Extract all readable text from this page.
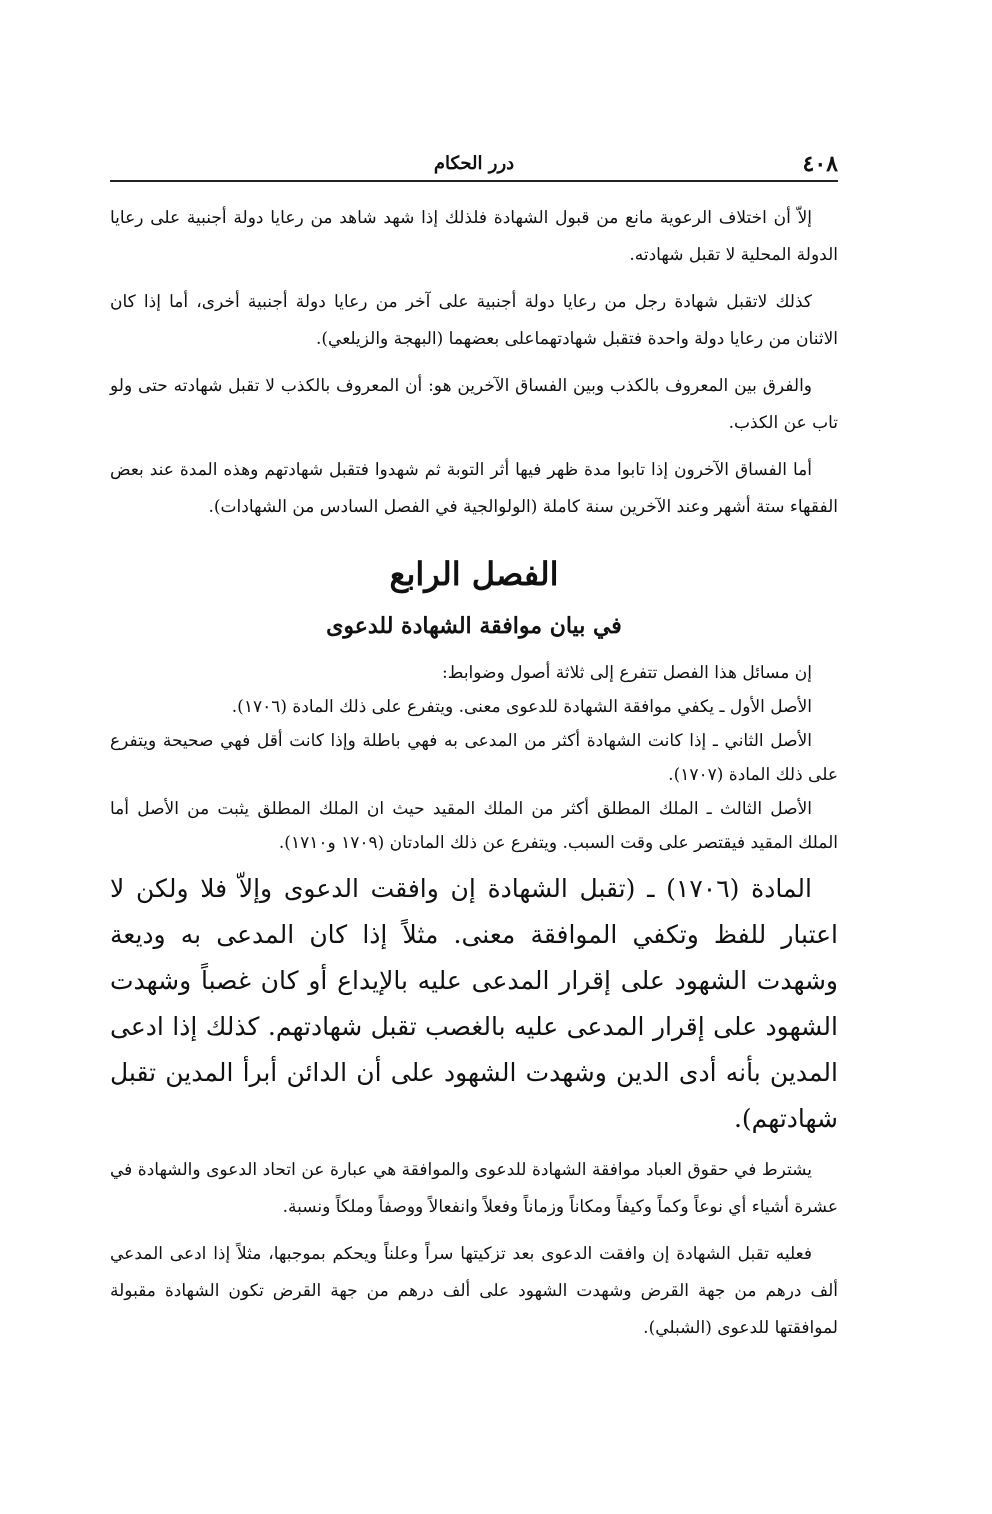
٤٠٨
درر الحكام

إلاّ أن اختلاف الرعوية مانع من قبول الشهادة فلذلك إذا شهد شاهد من رعايا دولة أجنبية على رعايا الدولة المحلية لا تقبل شهادته.

كذلك لاتقبل شهادة رجل من رعايا دولة أجنبية على آخر من رعايا دولة أجنبية أخرى، أما إذا كان الاثنان من رعايا دولة واحدة فتقبل شهادتهماعلى بعضهما (البهجة والزيلعي).

والفرق بين المعروف بالكذب وبين الفساق الآخرين هو: أن المعروف بالكذب لا تقبل شهادته حتى ولو تاب عن الكذب.

أما الفساق الآخرون إذا تابوا مدة ظهر فيها أثر التوبة ثم شهدوا فتقبل شهادتهم وهذه المدة عند بعض الفقهاء ستة أشهر وعند الآخرين سنة كاملة (الولوالجية في الفصل السادس من الشهادات).

الفصل الرابع
في بيان موافقة الشهادة للدعوى

إن مسائل هذا الفصل تتفرع إلى ثلاثة أصول وضوابط:

الأصل الأول ـ يكفي موافقة الشهادة للدعوى معنى. ويتفرع على ذلك المادة (١٧٠٦).

الأصل الثاني ـ إذا كانت الشهادة أكثر من المدعى به فهي باطلة وإذا كانت أقل فهي صحيحة ويتفرع على ذلك المادة (١٧٠٧).

الأصل الثالث ـ الملك المطلق أكثر من الملك المقيد حيث ان الملك المطلق يثبت من الأصل أما الملك المقيد فيقتصر على وقت السبب. ويتفرع عن ذلك المادتان (١٧٠٩ و١٧١٠).

المادة (١٧٠٦) ـ (تقبل الشهادة إن وافقت الدعوى وإلاّ فلا ولكن لا اعتبار للفظ وتكفي الموافقة معنى. مثلاً إذا كان المدعى به وديعة وشهدت الشهود على إقرار المدعى عليه بالإيداع أو كان غصباً وشهدت الشهود على إقرار المدعى عليه بالغصب تقبل شهادتهم. كذلك إذا ادعى المدين بأنه أدى الدين وشهدت الشهود على أن الدائن أبرأ المدين تقبل شهادتهم).

يشترط في حقوق العباد موافقة الشهادة للدعوى والموافقة هي عبارة عن اتحاد الدعوى والشهادة في عشرة أشياء أي نوعاً وكماً وكيفاً ومكاناً وزماناً وفعلاً وانفعالاً ووصفاً وملكاً ونسبة.

فعليه تقبل الشهادة إن وافقت الدعوى بعد تزكيتها سراً وعلناً ويحكم بموجبها، مثلاً إذا ادعى المدعي ألف درهم من جهة القرض وشهدت الشهود على ألف درهم من جهة القرض تكون الشهادة مقبولة لموافقتها للدعوى (الشبلي).
